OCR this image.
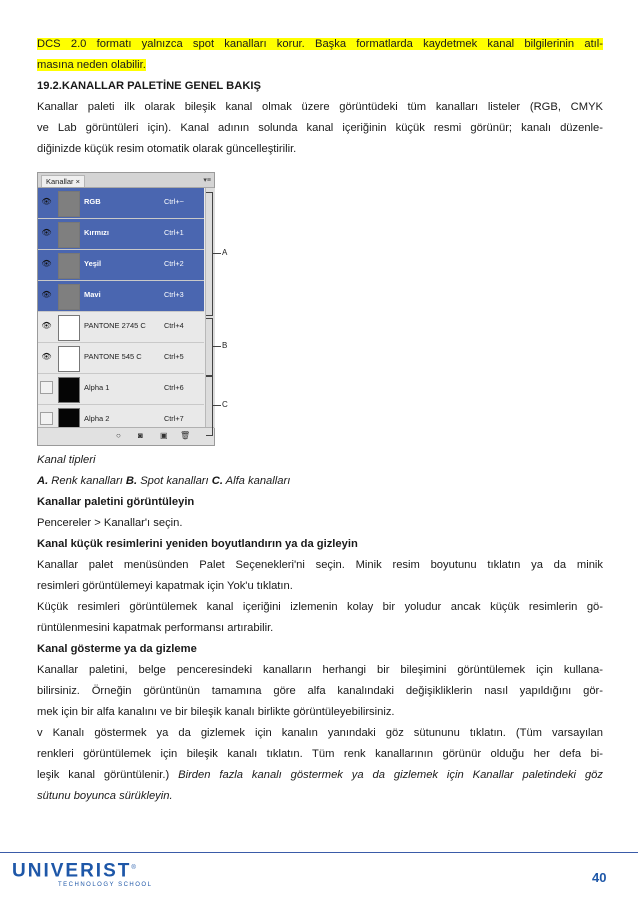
DCS 2.0 formatı yalnızca spot kanalları korur. Başka formatlarda kaydetmek kanal bilgilerinin atıl-
masına neden olabilir.
19.2.KANALLAR PALETİNE GENEL BAKIŞ
Kanallar paleti ilk olarak bileşik kanal olmak üzere görüntüdeki tüm kanalları listeler (RGB, CMYK
ve Lab görüntüleri için). Kanal adının solunda kanal içeriğinin küçük resmi görünür; kanalı düzenle-
diğinizde küçük resim otomatik olarak güncelleştirilir.
Kanallar ×	▾≡
👁	RGB	Ctrl+~
👁	Kırmızı	Ctrl+1
👁	Yeşil	Ctrl+2
👁	Mavi	Ctrl+3
👁	PANTONE 2745 C Ctrl+4
👁	PANTONE 545 C	Ctrl+5
Alpha 1	Ctrl+6
Alpha 2	Ctrl+7
○ ◙ ▣ 🗑
A
B
C
Kanal tipleri
A. Renk kanalları B. Spot kanalları C. Alfa kanalları
Kanallar paletini görüntüleyin
Pencereler > Kanallar'ı seçin.
Kanal küçük resimlerini yeniden boyutlandırın ya da gizleyin
Kanallar palet menüsünden Palet Seçenekleri'ni seçin. Minik resim boyutunu tıklatın ya da minik
resimleri görüntülemeyi kapatmak için Yok'u tıklatın.
Küçük resimleri görüntülemek kanal içeriğini izlemenin kolay bir yoludur ancak küçük resimlerin gö-
rüntülenmesini kapatmak performansı artırabilir.
Kanal gösterme ya da gizleme
Kanallar paletini, belge penceresindeki kanalların herhangi bir bileşimini görüntülemek için kullana-
bilirsiniz. Örneğin görüntünün tamamına göre alfa kanalındaki değişikliklerin nasıl yapıldığını gör-
mek için bir alfa kanalını ve bir bileşik kanalı birlikte görüntüleyebilirsiniz.
v Kanalı göstermek ya da gizlemek için kanalın yanındaki göz sütununu tıklatın. (Tüm varsayılan
renkleri görüntülemek için bileşik kanalı tıklatın. Tüm renk kanallarının görünür olduğu her defa bi-
leşik kanal görüntülenir.) Birden fazla kanalı göstermek ya da gizlemek için Kanallar paletindeki göz
sütunu boyunca sürükleyin.
UNIVERIST®
TECHNOLOGY SCHOOL
40
